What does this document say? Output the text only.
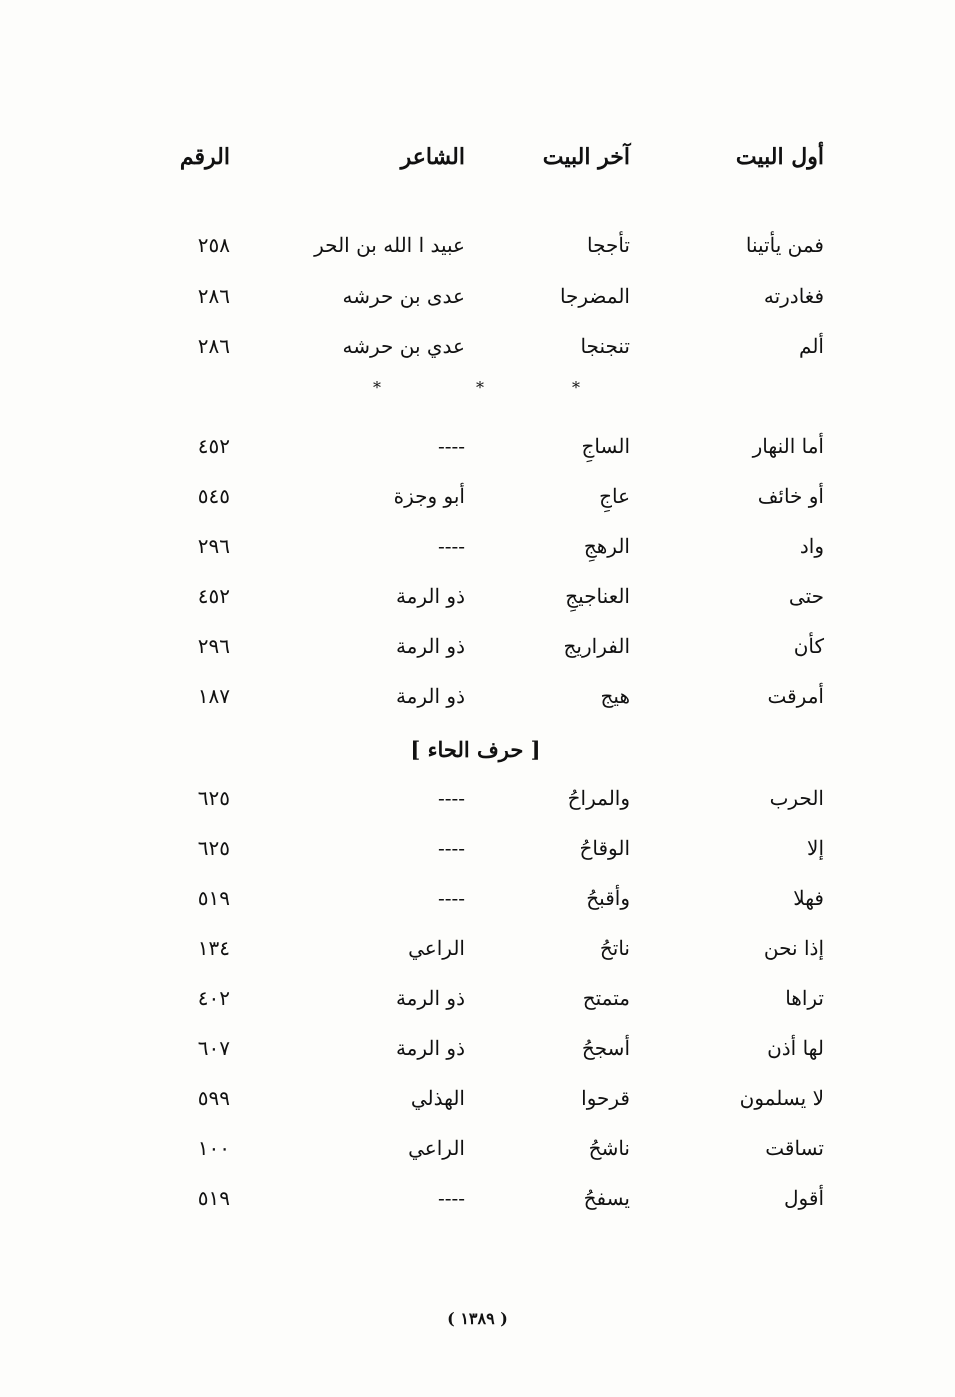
أول البيت
آخر البيت
الشاعر
الرقم
فمن يأتينا
تأججا
عبيد ا الله بن الحر
٢٥٨
فغادرته
المضرجا
عدى بن حرشه
٢٨٦
ألم
تنجنجا
عدي بن حرشه
٢٨٦
*
*
*
أما النهار
الساجِ
----
٤٥٢
أو خائف
عاجِ
أبو وجزة
٥٤٥
واد
الرهجِ
----
٢٩٦
حتى
العناجيجِ
ذو الرمة
٤٥٢
كأن
الفراريج
ذو الرمة
٢٩٦
أمرقت
هيج
ذو الرمة
١٨٧
[ حرف الحاء ]
الحرب
والمراحُ
----
٦٢٥
إلا
الوقاحُ
----
٦٢٥
فهلا
وأقبحُ
----
٥١٩
إذا نحن
ناتحُ
الراعي
١٣٤
تراها
متمتح
ذو الرمة
٤٠٢
لها أذن
أسجحُ
ذو الرمة
٦٠٧
لا يسلمون
قرحوا
الهذلي
٥٩٩
تساقت
ناشحُ
الراعي
١٠٠
أقول
يسفحُ
----
٥١٩
( ١٣٨٩ )
